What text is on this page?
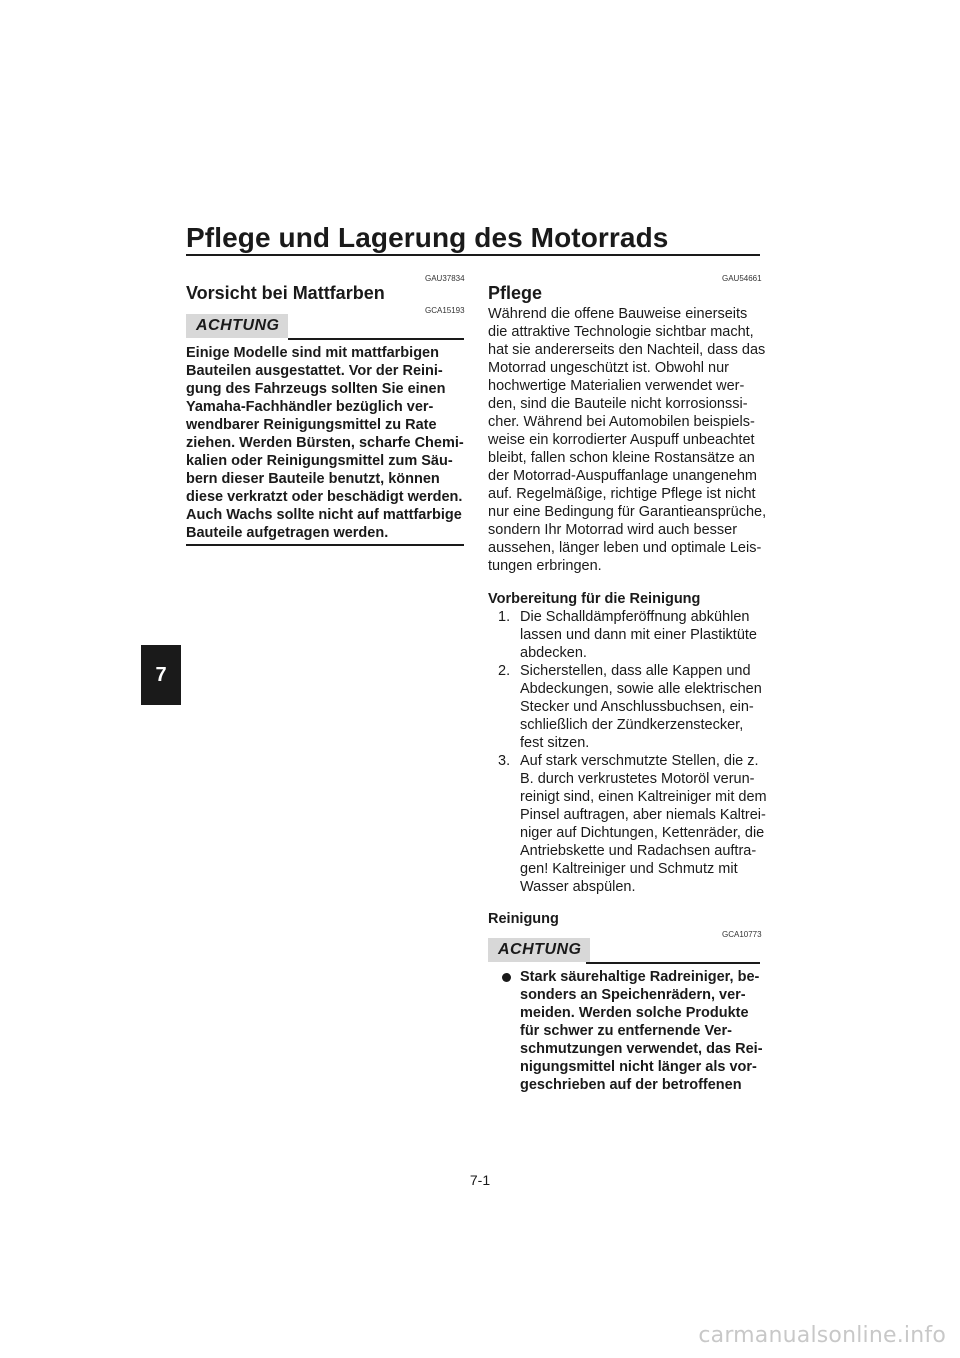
Pflege und Lagerung des Motorrads
7
GAU37834
Vorsicht bei Mattfarben
GCA15193
ACHTUNG
Einige Modelle sind mit mattfarbigen
Bauteilen ausgestattet. Vor der Reini-
gung des Fahrzeugs sollten Sie einen
Yamaha-Fachhändler bezüglich ver-
wendbarer Reinigungsmittel zu Rate
ziehen. Werden Bürsten, scharfe Chemi-
kalien oder Reinigungsmittel zum Säu-
bern dieser Bauteile benutzt, können
diese verkratzt oder beschädigt werden.
Auch Wachs sollte nicht auf mattfarbige
Bauteile aufgetragen werden.
GAU54661
Pflege
Während die offene Bauweise einerseits
die attraktive Technologie sichtbar macht,
hat sie andererseits den Nachteil, dass das
Motorrad ungeschützt ist. Obwohl nur
hochwertige Materialien verwendet wer-
den, sind die Bauteile nicht korrosionssi-
cher. Während bei Automobilen beispiels-
weise ein korrodierter Auspuff unbeachtet
bleibt, fallen schon kleine Rostansätze an
der Motorrad-Auspuffanlage unangenehm
auf. Regelmäßige, richtige Pflege ist nicht
nur eine Bedingung für Garantieansprüche,
sondern Ihr Motorrad wird auch besser
aussehen, länger leben und optimale Leis-
tungen erbringen.
Vorbereitung für die Reinigung
1. Die Schalldämpferöffnung abkühlen
lassen und dann mit einer Plastiktüte
abdecken.
2. Sicherstellen, dass alle Kappen und
Abdeckungen, sowie alle elektrischen
Stecker und Anschlussbuchsen, ein-
schließlich der Zündkerzenstecker,
fest sitzen.
3. Auf stark verschmutzte Stellen, die z.
B. durch verkrustetes Motoröl verun-
reinigt sind, einen Kaltreiniger mit dem
Pinsel auftragen, aber niemals Kaltrei-
niger auf Dichtungen, Kettenräder, die
Antriebskette und Radachsen auftra-
gen! Kaltreiniger und Schmutz mit
Wasser abspülen.
Reinigung
GCA10773
ACHTUNG
Stark säurehaltige Radreiniger, be-
sonders an Speichenrädern, ver-
meiden. Werden solche Produkte
für schwer zu entfernende Ver-
schmutzungen verwendet, das Rei-
nigungsmittel nicht länger als vor-
geschrieben auf der betroffenen
7-1
carmanualsonline.info
